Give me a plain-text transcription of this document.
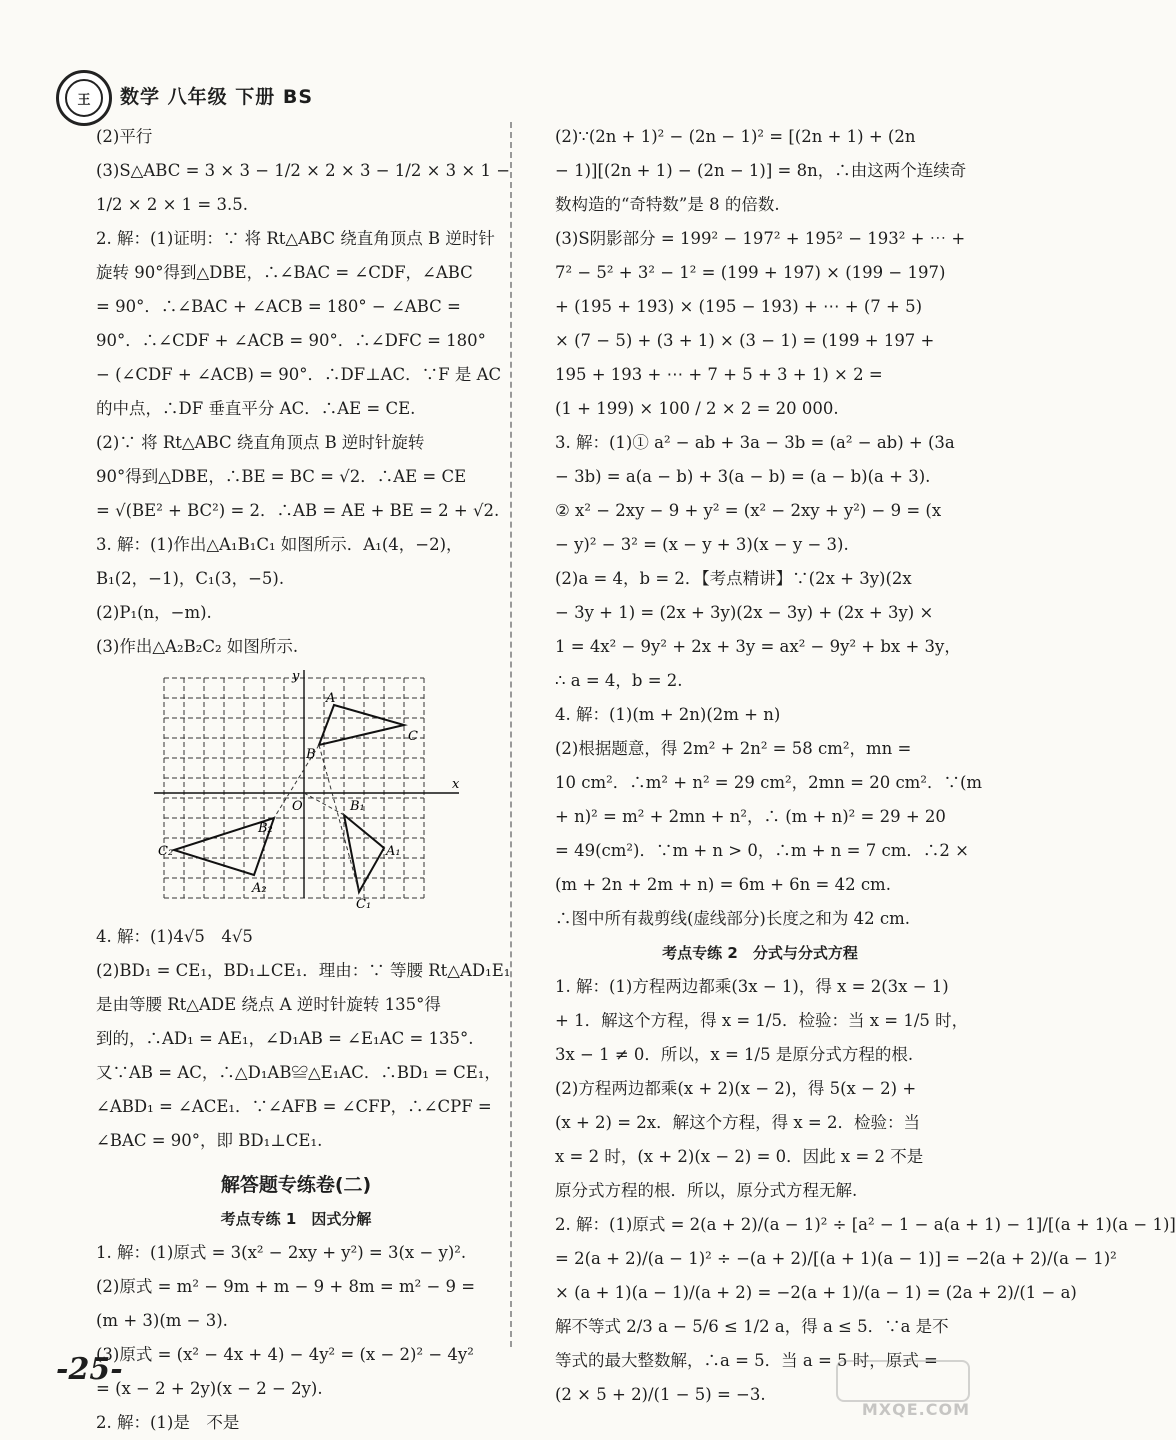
王	数学 八年级 下册 BS
(2)平行
(3)S△ABC = 3 × 3 − 1/2 × 2 × 3 − 1/2 × 3 × 1 −
1/2 × 2 × 1 = 3.5.
2. 解：(1)证明：∵ 将 Rt△ABC 绕直角顶点 B 逆时针
旋转 90°得到△DBE，∴∠BAC = ∠CDF，∠ABC
= 90°．∴∠BAC + ∠ACB = 180° − ∠ABC =
90°．∴∠CDF + ∠ACB = 90°．∴∠DFC = 180°
− (∠CDF + ∠ACB) = 90°．∴DF⊥AC．∵F 是 AC
的中点，∴DF 垂直平分 AC．∴AE = CE.
(2)∵ 将 Rt△ABC 绕直角顶点 B 逆时针旋转
90°得到△DBE，∴BE = BC = √2．∴AE = CE
= √(BE² + BC²) = 2．∴AB = AE + BE = 2 + √2.
3. 解：(1)作出△A₁B₁C₁ 如图所示．A₁(4，−2)，
B₁(2，−1)，C₁(3，−5).
(2)P₁(n，−m).
(3)作出△A₂B₂C₂ 如图所示.
x
y
O
A
B
C
A₁
B₁
C₁
A₂
B₂
C₂
4. 解：(1)4√5　4√5
(2)BD₁ = CE₁，BD₁⊥CE₁．理由：∵ 等腰 Rt△AD₁E₁
是由等腰 Rt△ADE 绕点 A 逆时针旋转 135°得
到的，∴AD₁ = AE₁，∠D₁AB = ∠E₁AC = 135°.
又∵AB = AC，∴△D₁AB≌△E₁AC．∴BD₁ = CE₁，
∠ABD₁ = ∠ACE₁．∵∠AFB = ∠CFP，∴∠CPF =
∠BAC = 90°，即 BD₁⊥CE₁.
解答题专练卷(二)
考点专练 1　因式分解
1. 解：(1)原式 = 3(x² − 2xy + y²) = 3(x − y)².
(2)原式 = m² − 9m + m − 9 + 8m = m² − 9 =
(m + 3)(m − 3).
(3)原式 = (x² − 4x + 4) − 4y² = (x − 2)² − 4y²
= (x − 2 + 2y)(x − 2 − 2y).
2. 解：(1)是　不是
(2)∵(2n + 1)² − (2n − 1)² = [(2n + 1) + (2n
− 1)][(2n + 1) − (2n − 1)] = 8n，∴由这两个连续奇
数构造的“奇特数”是 8 的倍数.
(3)S阴影部分 = 199² − 197² + 195² − 193² + ⋯ +
7² − 5² + 3² − 1² = (199 + 197) × (199 − 197)
+ (195 + 193) × (195 − 193) + ⋯ + (7 + 5)
× (7 − 5) + (3 + 1) × (3 − 1) = (199 + 197 +
195 + 193 + ⋯ + 7 + 5 + 3 + 1) × 2 =
(1 + 199) × 100 / 2 × 2 = 20 000.
3. 解：(1)① a² − ab + 3a − 3b = (a² − ab) + (3a
− 3b) = a(a − b) + 3(a − b) = (a − b)(a + 3).
② x² − 2xy − 9 + y² = (x² − 2xy + y²) − 9 = (x
− y)² − 3² = (x − y + 3)(x − y − 3).
(2)a = 4，b = 2．【考点精讲】∵(2x + 3y)(2x
− 3y + 1) = (2x + 3y)(2x − 3y) + (2x + 3y) ×
1 = 4x² − 9y² + 2x + 3y = ax² − 9y² + bx + 3y，
∴ a = 4，b = 2.
4. 解：(1)(m + 2n)(2m + n)
(2)根据题意，得 2m² + 2n² = 58 cm²，mn =
10 cm²．∴m² + n² = 29 cm²，2mn = 20 cm²．∵(m
+ n)² = m² + 2mn + n²，∴ (m + n)² = 29 + 20
= 49(cm²)．∵m + n > 0，∴m + n = 7 cm．∴2 ×
(m + 2n + 2m + n) = 6m + 6n = 42 cm.
∴图中所有裁剪线(虚线部分)长度之和为 42 cm.
考点专练 2　分式与分式方程
1. 解：(1)方程两边都乘(3x − 1)，得 x = 2(3x − 1)
+ 1．解这个方程，得 x = 1/5．检验：当 x = 1/5 时，
3x − 1 ≠ 0．所以，x = 1/5 是原分式方程的根.
(2)方程两边都乘(x + 2)(x − 2)，得 5(x − 2) +
(x + 2) = 2x．解这个方程，得 x = 2．检验：当
x = 2 时，(x + 2)(x − 2) = 0．因此 x = 2 不是
原分式方程的根．所以，原分式方程无解.
2. 解：(1)原式 = 2(a + 2)/(a − 1)² ÷ [a² − 1 − a(a + 1) − 1]/[(a + 1)(a − 1)]
= 2(a + 2)/(a − 1)² ÷ −(a + 2)/[(a + 1)(a − 1)] = −2(a + 2)/(a − 1)²
× (a + 1)(a − 1)/(a + 2) = −2(a + 1)/(a − 1) = (2a + 2)/(1 − a)
解不等式 2/3 a − 5/6 ≤ 1/2 a，得 a ≤ 5．∵a 是不
等式的最大整数解，∴a = 5．当 a = 5 时，原式 =
(2 × 5 + 2)/(1 − 5) = −3.
-25-
MXQE.COM
